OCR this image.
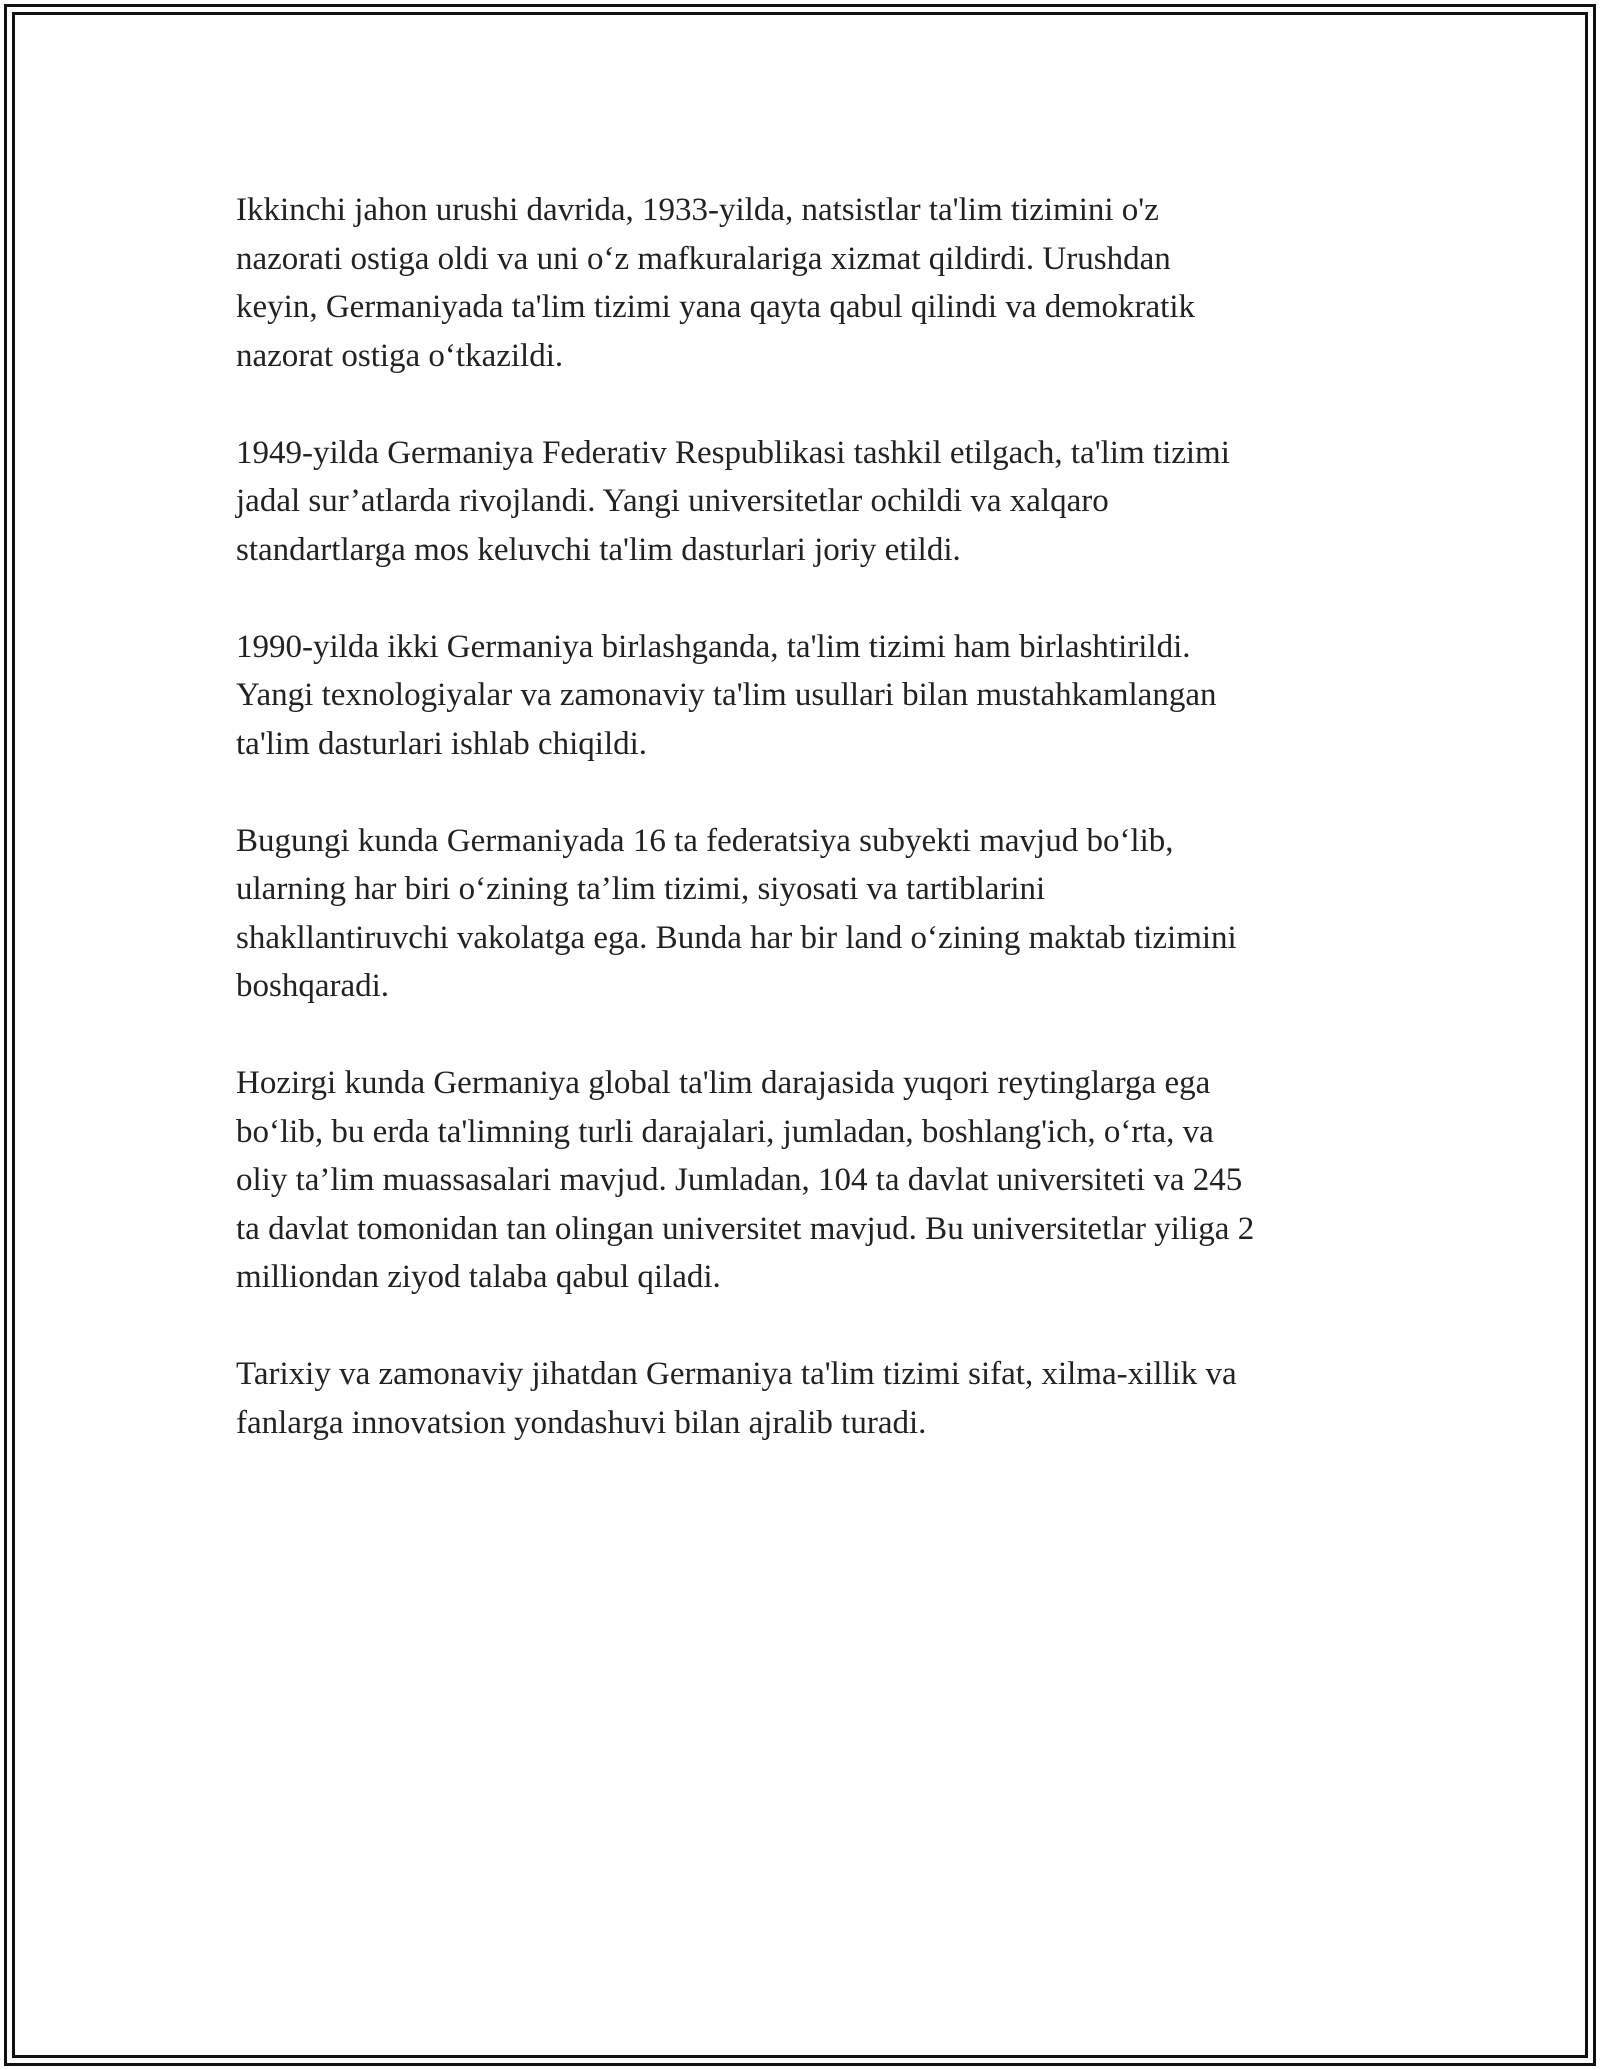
Ikkinchi jahon urushi davrida, 1933-yilda, natsistlar ta'lim tizimini o'z
nazorati ostiga oldi va uni o‘z mafkuralariga xizmat qildirdi. Urushdan
keyin, Germaniyada ta'lim tizimi yana qayta qabul qilindi va demokratik
nazorat ostiga o‘tkazildi.

1949-yilda Germaniya Federativ Respublikasi tashkil etilgach, ta'lim tizimi
jadal sur’atlarda rivojlandi. Yangi universitetlar ochildi va xalqaro
standartlarga mos keluvchi ta'lim dasturlari joriy etildi.

1990-yilda ikki Germaniya birlashganda, ta'lim tizimi ham birlashtirildi.
Yangi texnologiyalar va zamonaviy ta'lim usullari bilan mustahkamlangan
ta'lim dasturlari ishlab chiqildi.

Bugungi kunda Germaniyada 16 ta federatsiya subyekti mavjud bo‘lib,
ularning har biri o‘zining ta’lim tizimi, siyosati va tartiblarini
shakllantiruvchi vakolatga ega. Bunda har bir land o‘zining maktab tizimini
boshqaradi.

Hozirgi kunda Germaniya global ta'lim darajasida yuqori reytinglarga ega
bo‘lib, bu erda ta'limning turli darajalari, jumladan, boshlang'ich, o‘rta, va
oliy ta’lim muassasalari mavjud. Jumladan, 104 ta davlat universiteti va 245
ta davlat tomonidan tan olingan universitet mavjud. Bu universitetlar yiliga 2
milliondan ziyod talaba qabul qiladi.

Tarixiy va zamonaviy jihatdan Germaniya ta'lim tizimi sifat, xilma-xillik va
fanlarga innovatsion yondashuvi bilan ajralib turadi.
